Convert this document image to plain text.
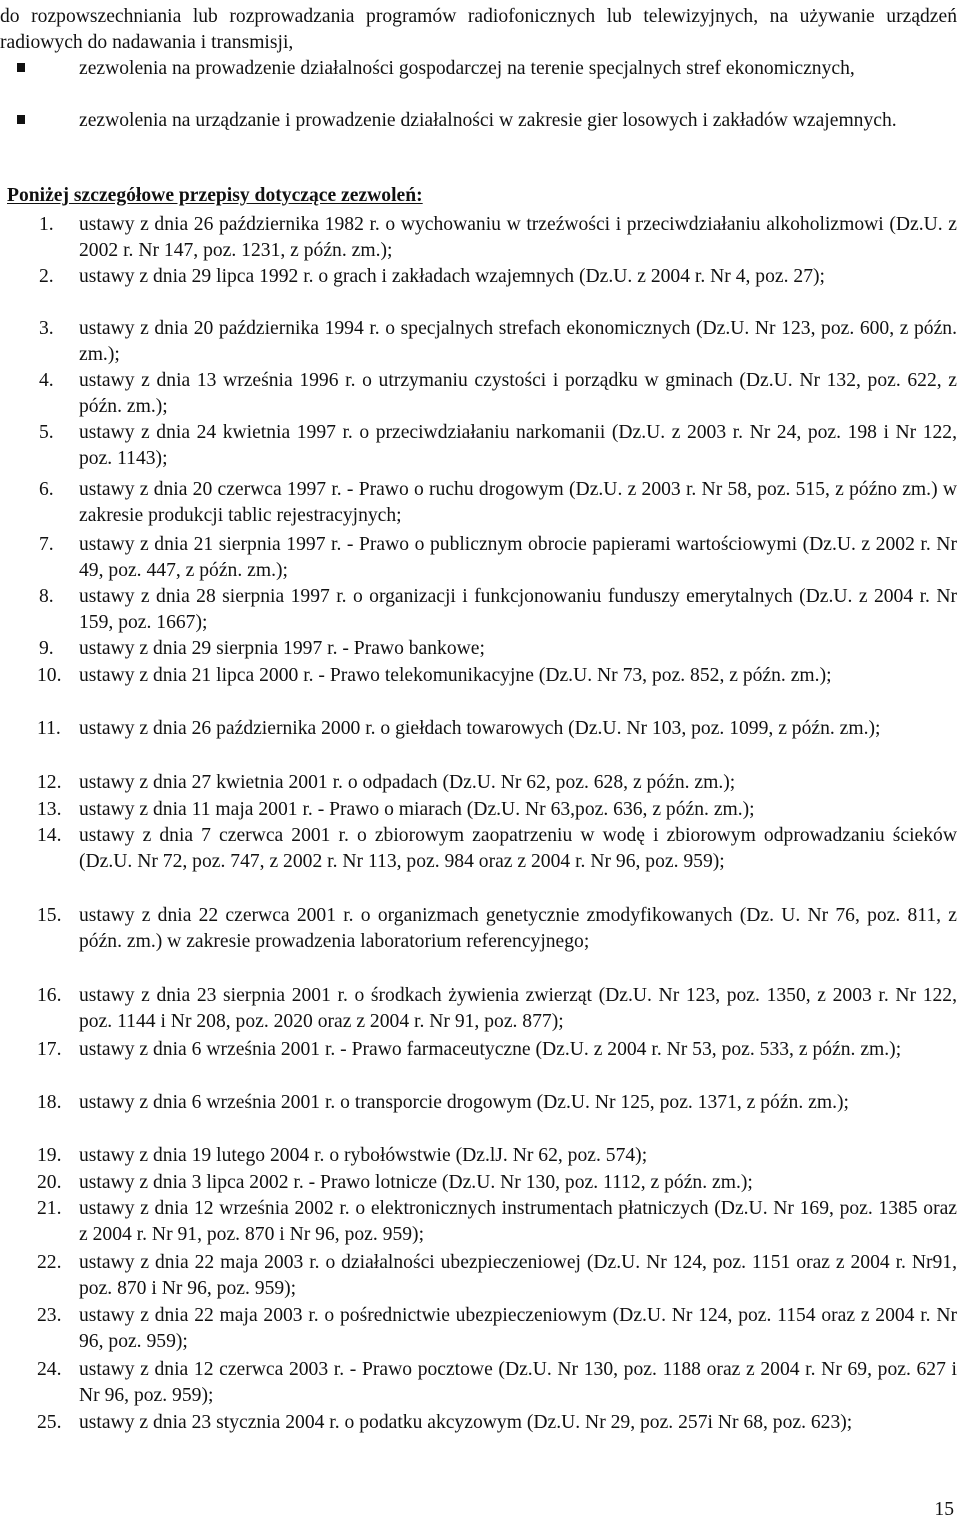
do rozpowszechniania lub rozprowadzania programów radiofonicznych lub telewizyjnych, na używanie urządzeń radiowych do nadawania i transmisji,
zezwolenia na prowadzenie działalności gospodarczej na terenie specjalnych stref ekonomicznych,
zezwolenia na urządzanie i prowadzenie działalności w zakresie gier losowych i zakładów wzajemnych.
Poniżej szczegółowe przepisy dotyczące zezwoleń:
1.	ustawy z dnia 26 października 1982 r. o wychowaniu w trzeźwości i przeciwdziałaniu alkoholizmowi (Dz.U. z 2002 r. Nr 147, poz. 1231, z późn. zm.);
2.	ustawy z dnia 29 lipca 1992 r. o grach i zakładach wzajemnych (Dz.U. z 2004 r. Nr 4, poz. 27);
3.	ustawy z dnia 20 października 1994 r. o specjalnych strefach ekonomicznych (Dz.U. Nr 123, poz. 600, z późn. zm.);
4.	ustawy z dnia 13 września 1996 r. o utrzymaniu czystości i porządku w gminach (Dz.U. Nr 132, poz. 622, z późn. zm.);
5.	ustawy z dnia 24 kwietnia 1997 r. o przeciwdziałaniu narkomanii (Dz.U. z 2003 r. Nr 24, poz. 198 i Nr 122, poz. 1143);
6.	ustawy z dnia 20 czerwca 1997 r. - Prawo o ruchu drogowym (Dz.U. z 2003 r. Nr 58, poz. 515, z późno zm.) w zakresie produkcji tablic rejestracyjnych;
7.	ustawy z dnia 21 sierpnia 1997 r. - Prawo o publicznym obrocie papierami wartościowymi (Dz.U. z 2002 r. Nr 49, poz. 447, z późn. zm.);
8.	ustawy z dnia 28 sierpnia 1997 r. o organizacji i funkcjonowaniu funduszy emerytalnych (Dz.U. z 2004 r. Nr 159, poz. 1667);
9.	ustawy z dnia 29 sierpnia 1997 r. - Prawo bankowe;
10. ustawy z dnia 21 lipca 2000 r. - Prawo telekomunikacyjne (Dz.U. Nr 73, poz. 852, z późn. zm.);
11. ustawy z dnia 26 października 2000 r. o giełdach towarowych (Dz.U. Nr 103, poz. 1099, z późn. zm.);
12. ustawy z dnia 27 kwietnia 2001 r. o odpadach (Dz.U. Nr 62, poz. 628, z późn. zm.);
13. ustawy z dnia 11 maja 2001 r. - Prawo o miarach (Dz.U. Nr 63,poz. 636, z późn. zm.);
14. ustawy z dnia 7 czerwca 2001 r. o zbiorowym zaopatrzeniu w wodę i zbiorowym odprowadzaniu ścieków (Dz.U. Nr 72, poz. 747, z 2002 r. Nr 113, poz. 984 oraz z 2004 r. Nr 96, poz. 959);
15. ustawy z dnia 22 czerwca 2001 r. o organizmach genetycznie zmodyfikowanych (Dz. U. Nr 76, poz. 811, z późn. zm.) w zakresie prowadzenia laboratorium referencyjnego;
16. ustawy z dnia 23 sierpnia 2001 r. o środkach żywienia zwierząt (Dz.U. Nr 123, poz. 1350, z 2003 r. Nr 122, poz. 1144 i Nr 208, poz. 2020 oraz z 2004 r. Nr 91, poz. 877);
17. ustawy z dnia 6 września 2001 r. - Prawo farmaceutyczne (Dz.U. z 2004 r. Nr 53, poz. 533, z późn. zm.);
18. ustawy z dnia 6 września 2001 r. o transporcie drogowym (Dz.U. Nr 125, poz. 1371, z późn. zm.);
19. ustawy z dnia 19 lutego 2004 r. o rybołówstwie (Dz.lJ. Nr 62, poz. 574);
20. ustawy z dnia 3 lipca 2002 r. - Prawo lotnicze (Dz.U. Nr 130, poz. 1112, z późn. zm.);
21. ustawy z dnia 12 września 2002 r. o elektronicznych instrumentach płatniczych (Dz.U. Nr 169, poz. 1385 oraz z 2004 r. Nr 91, poz. 870 i Nr 96, poz. 959);
22. ustawy z dnia 22 maja 2003 r. o działalności ubezpieczeniowej (Dz.U. Nr 124, poz. 1151 oraz z 2004 r. Nr91, poz. 870 i Nr 96, poz. 959);
23. ustawy z dnia 22 maja 2003 r. o pośrednictwie ubezpieczeniowym (Dz.U. Nr 124, poz. 1154 oraz z 2004 r. Nr 96, poz. 959);
24. ustawy z dnia 12 czerwca 2003 r. - Prawo pocztowe (Dz.U. Nr 130, poz. 1188 oraz z 2004 r. Nr 69, poz. 627 i Nr 96, poz. 959);
25. ustawy z dnia 23 stycznia 2004 r. o podatku akcyzowym (Dz.U. Nr 29, poz. 257i Nr 68, poz. 623);
15
